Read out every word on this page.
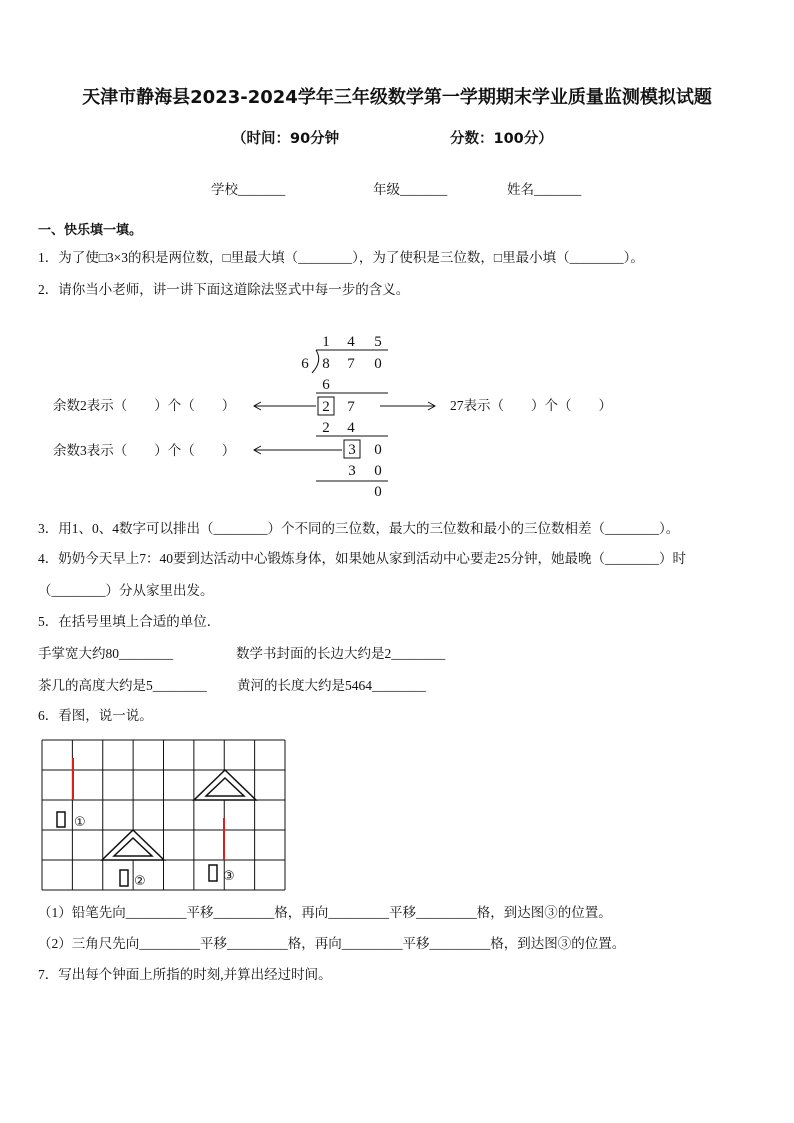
天津市静海县2023-2024学年三年级数学第一学期期末学业质量监测模拟试题
（时间：90分钟	分数：100分）
学校_______	年级_______	姓名_______
一、快乐填一填。
1．为了使□3×3的积是两位数，□里最大填（________），为了使积是三位数，□里最小填（________）。
2．请你当小老师，讲一讲下面这道除法竖式中每一步的含义。
余数2表示（　　）个（　　）	27表示（　　）个（　　）
余数3表示（　　）个（　　）
1 4 5
6 8 7 0
6
2 7
2 4
3 0
3 0
0
3．用1、0、4数字可以排出（________）个不同的三位数，最大的三位数和最小的三位数相差（________）。
4．奶奶今天早上7：40要到达活动中心锻炼身体，如果她从家到活动中心要走25分钟，她最晚（________）时
（________）分从家里出发。
5．在括号里填上合适的单位．
手掌宽大约80________	数学书封面的长边大约是2________
茶几的高度大约是5________ 黄河的长度大约是5464________
6．看图，说一说。
①
②	③
（1）铅笔先向_________平移_________格，再向_________平移_________格，到达图③的位置。
（2）三角尺先向_________平移_________格，再向_________平移_________格，到达图③的位置。
7．写出每个钟面上所指的时刻,并算出经过时间。
